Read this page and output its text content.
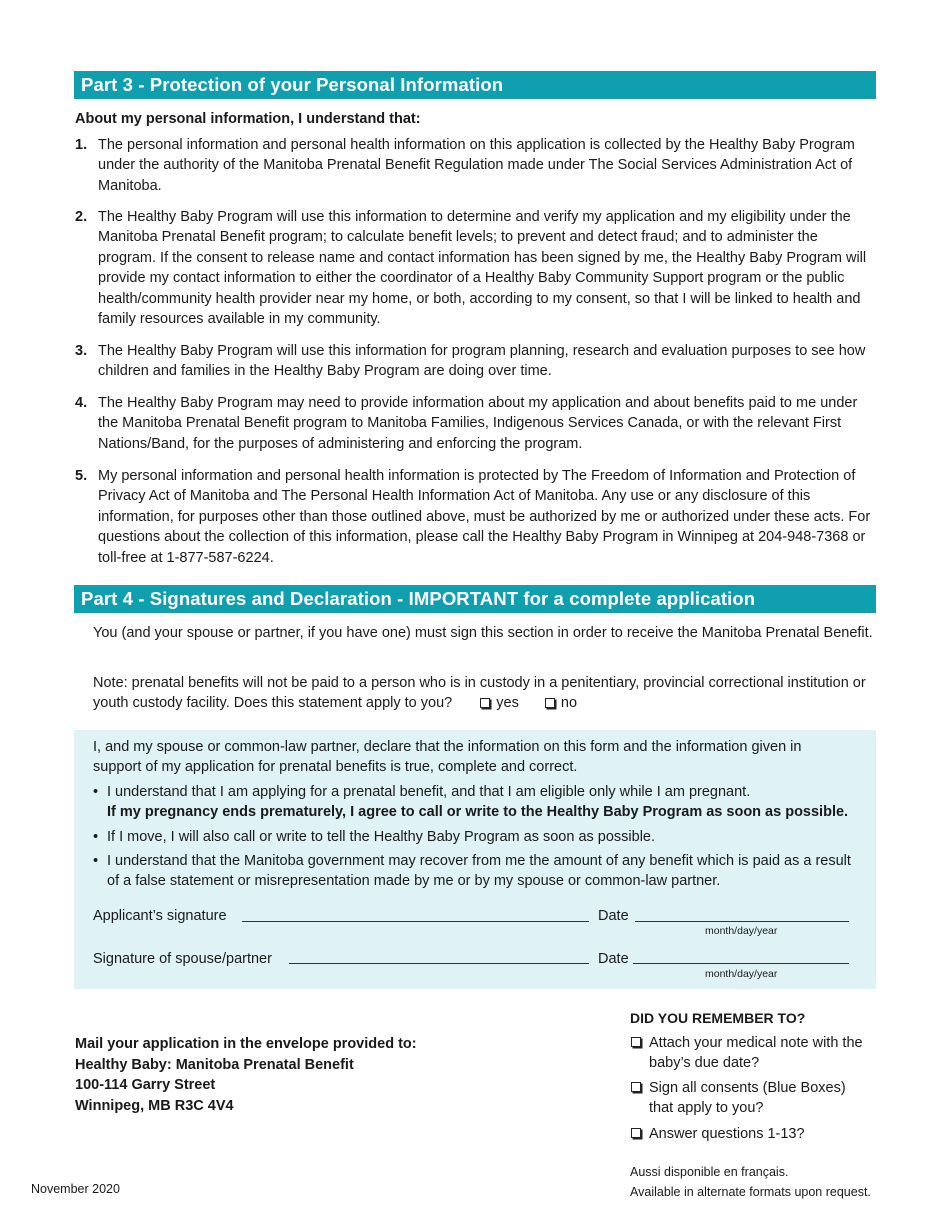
Part 3 - Protection of your Personal Information
About my personal information, I understand that:
1. The personal information and personal health information on this application is collected by the Healthy Baby Program under the authority of the Manitoba Prenatal Benefit Regulation made under The Social Services Administration Act of Manitoba.
2. The Healthy Baby Program will use this information to determine and verify my application and my eligibility under the Manitoba Prenatal Benefit program; to calculate benefit levels; to prevent and detect fraud; and to administer the program. If the consent to release name and contact information has been signed by me, the Healthy Baby Program will provide my contact information to either the coordinator of a Healthy Baby Community Support program or the public health/community health provider near my home, or both, according to my consent, so that I will be linked to health and family resources available in my community.
3. The Healthy Baby Program will use this information for program planning, research and evaluation purposes to see how children and families in the Healthy Baby Program are doing over time.
4. The Healthy Baby Program may need to provide information about my application and about benefits paid to me under the Manitoba Prenatal Benefit program to Manitoba Families, Indigenous Services Canada, or with the relevant First Nations/Band, for the purposes of administering and enforcing the program.
5. My personal information and personal health information is protected by The Freedom of Information and Protection of Privacy Act of Manitoba and The Personal Health Information Act of Manitoba. Any use or any disclosure of this information, for purposes other than those outlined above, must be authorized by me or authorized under these acts. For questions about the collection of this information, please call the Healthy Baby Program in Winnipeg at 204-948-7368 or toll-free at 1-877-587-6224.
Part 4 - Signatures and Declaration - IMPORTANT for a complete application
You (and your spouse or partner, if you have one) must sign this section in order to receive the Manitoba Prenatal Benefit.
Note: prenatal benefits will not be paid to a person who is in custody in a penitentiary, provincial correctional institution or youth custody facility. Does this statement apply to you?	yes	no
I, and my spouse or common-law partner, declare that the information on this form and the information given in support of my application for prenatal benefits is true, complete and correct.
• I understand that I am applying for a prenatal benefit, and that I am eligible only while I am pregnant.
If my pregnancy ends prematurely, I agree to call or write to the Healthy Baby Program as soon as possible.
• If I move, I will also call or write to tell the Healthy Baby Program as soon as possible.
• I understand that the Manitoba government may recover from me the amount of any benefit which is paid as a result of a false statement or misrepresentation made by me or by my spouse or common-law partner.
Applicant’s signature	Date
month/day/year
Signature of spouse/partner	Date
month/day/year
Mail your application in the envelope provided to:
Healthy Baby: Manitoba Prenatal Benefit
100-114 Garry Street
Winnipeg, MB R3C 4V4
DID YOU REMEMBER TO?
Attach your medical note with the baby’s due date?
Sign all consents (Blue Boxes) that apply to you?
Answer questions 1-13?
November 2020
Aussi disponible en français.
Available in alternate formats upon request.
